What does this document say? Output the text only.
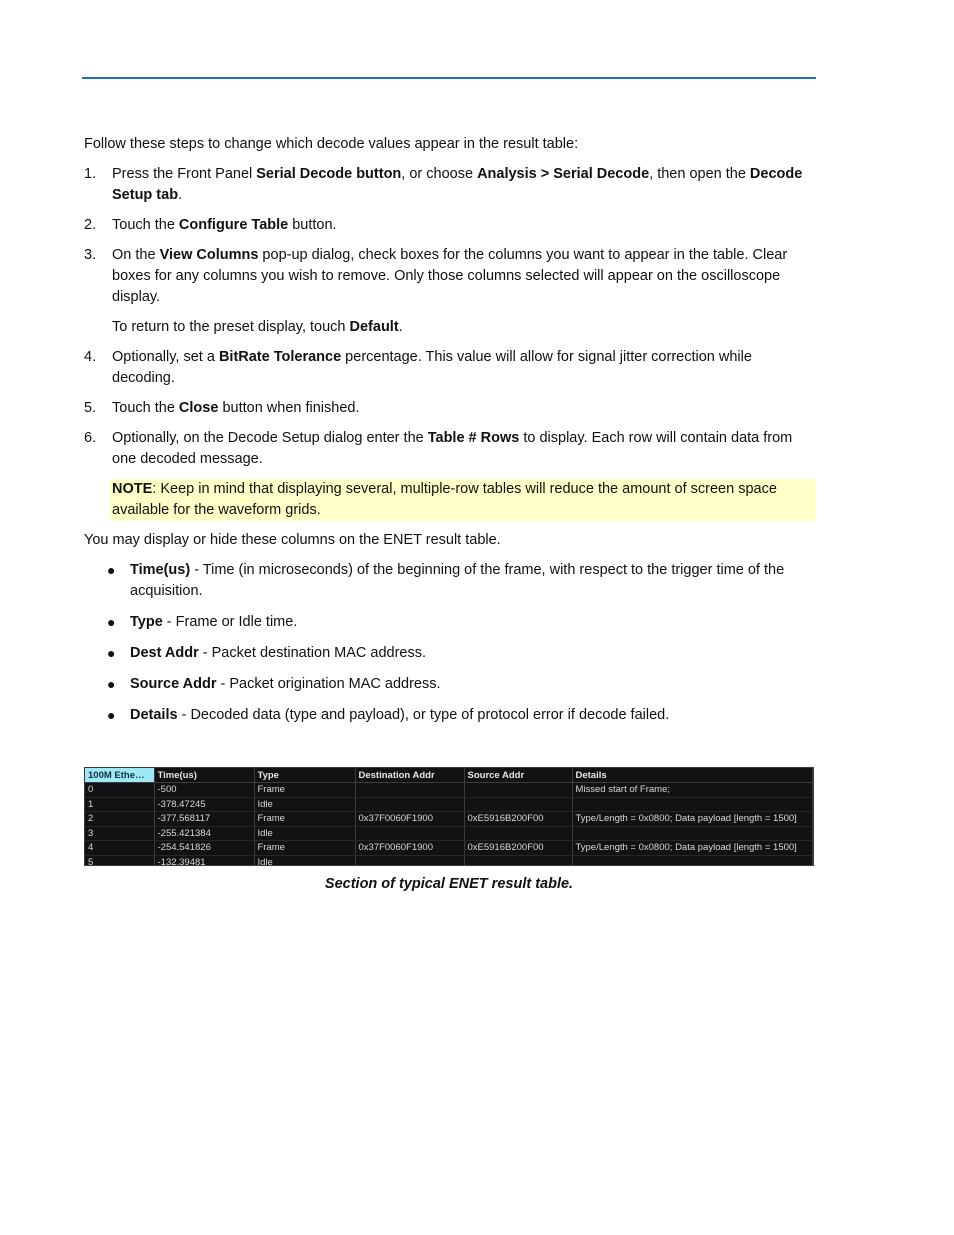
Follow these steps to change which decode values appear in the result table:

1. Press the Front Panel Serial Decode button, or choose Analysis > Serial Decode, then open the Decode Setup tab.
2. Touch the Configure Table button.
3. On the View Columns pop-up dialog, check boxes for the columns you want to appear in the table. Clear boxes for any columns you wish to remove. Only those columns selected will appear on the oscilloscope display.

To return to the preset display, touch Default.

4. Optionally, set a BitRate Tolerance percentage. This value will allow for signal jitter correction while decoding.
5. Touch the Close button when finished.
6. Optionally, on the Decode Setup dialog enter the Table # Rows to display. Each row will contain data from one decoded message.
NOTE: Keep in mind that displaying several, multiple-row tables will reduce the amount of screen space available for the waveform grids.

You may display or hide these columns on the ENET result table.

● Time(us) - Time (in microseconds) of the beginning of the frame, with respect to the trigger time of the acquisition.
● Type - Frame or Idle time.
● Dest Addr - Packet destination MAC address.
● Source Addr - Packet origination MAC address.
● Details - Decoded data (type and payload), or type of protocol error if decode failed.
100M Ethe…	Time(us)	Type	Destination Addr	Source Addr	Details
0	-500	Frame			Missed start of Frame;
1	-378.47245	Idle			
2	-377.568117	Frame	0x37F0060F1900	0xE5916B200F00	Type/Length = 0x0800; Data payload [length = 1500]
3	-255.421384	Idle			
4	-254.541826	Frame	0x37F0060F1900	0xE5916B200F00	Type/Length = 0x0800; Data payload [length = 1500]
5	-132.39481	Idle			
Section of typical ENET result table.
